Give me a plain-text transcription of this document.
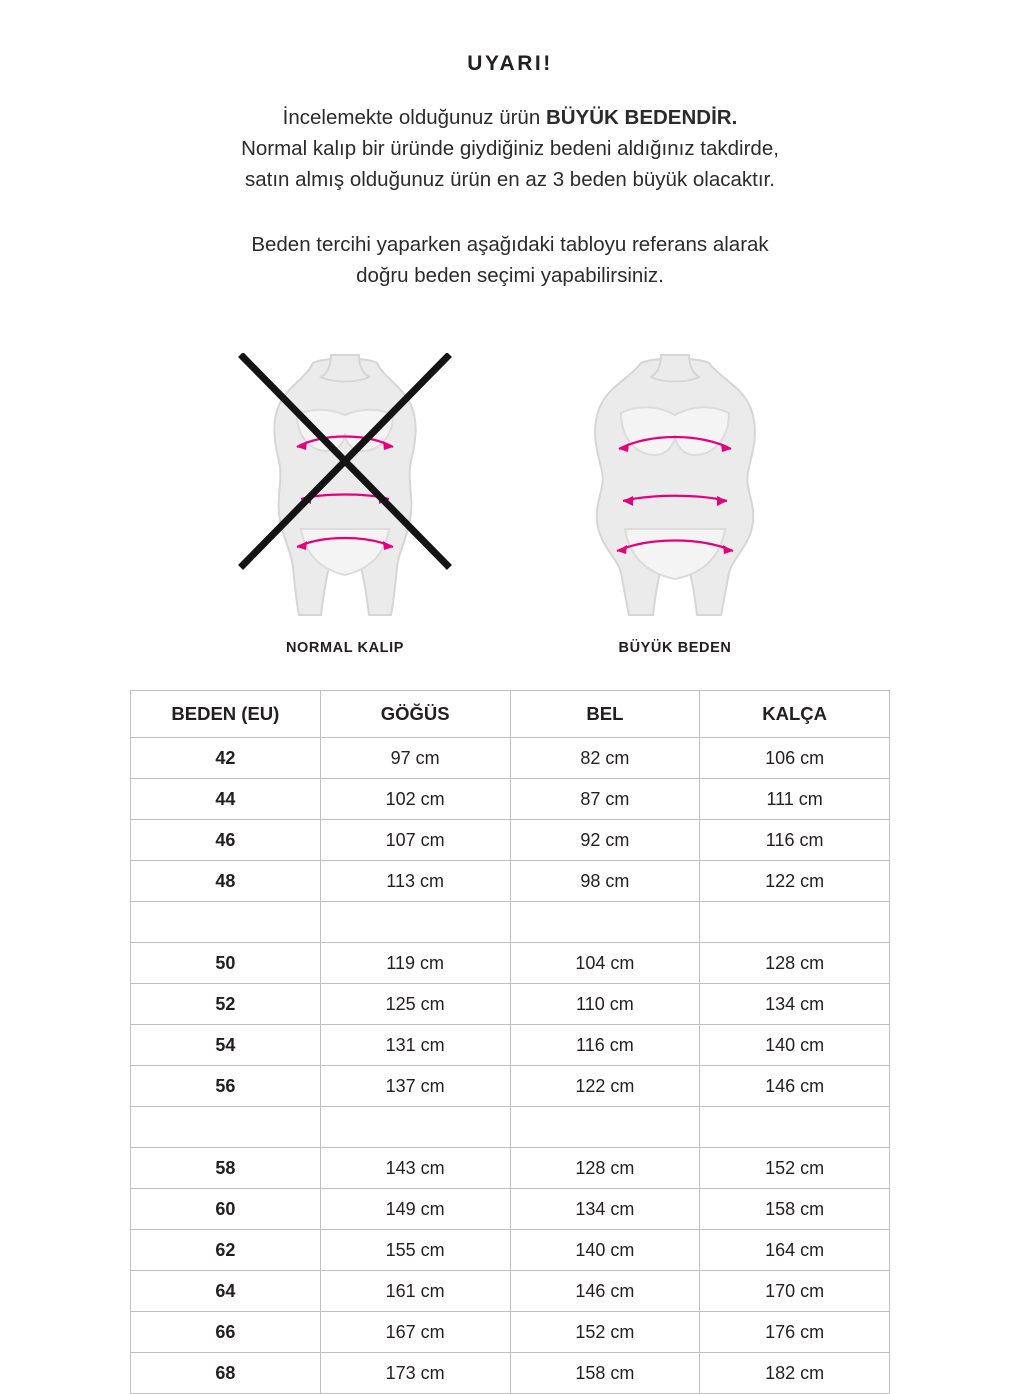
UYARI!
İncelemekte olduğunuz ürün BÜYÜK BEDENDİR.
Normal kalıp bir üründe giydiğiniz bedeni aldığınız takdirde,
satın almış olduğunuz ürün en az 3 beden büyük olacaktır.
Beden tercihi yaparken aşağıdaki tabloyu referans alarak
doğru beden seçimi yapabilirsiniz.
NORMAL KALIP	BÜYÜK BEDEN
BEDEN (EU)	GÖĞÜS	BEL	KALÇA
42	97 cm	82 cm	106 cm
44	102 cm	87 cm	111 cm
46	107 cm	92 cm	116 cm
48	113 cm	98 cm	122 cm

50	119 cm	104 cm	128 cm
52	125 cm	110 cm	134 cm
54	131 cm	116 cm	140 cm
56	137 cm	122 cm	146 cm

58	143 cm	128 cm	152 cm
60	149 cm	134 cm	158 cm
62	155 cm	140 cm	164 cm
64	161 cm	146 cm	170 cm
66	167 cm	152 cm	176 cm
68	173 cm	158 cm	182 cm
